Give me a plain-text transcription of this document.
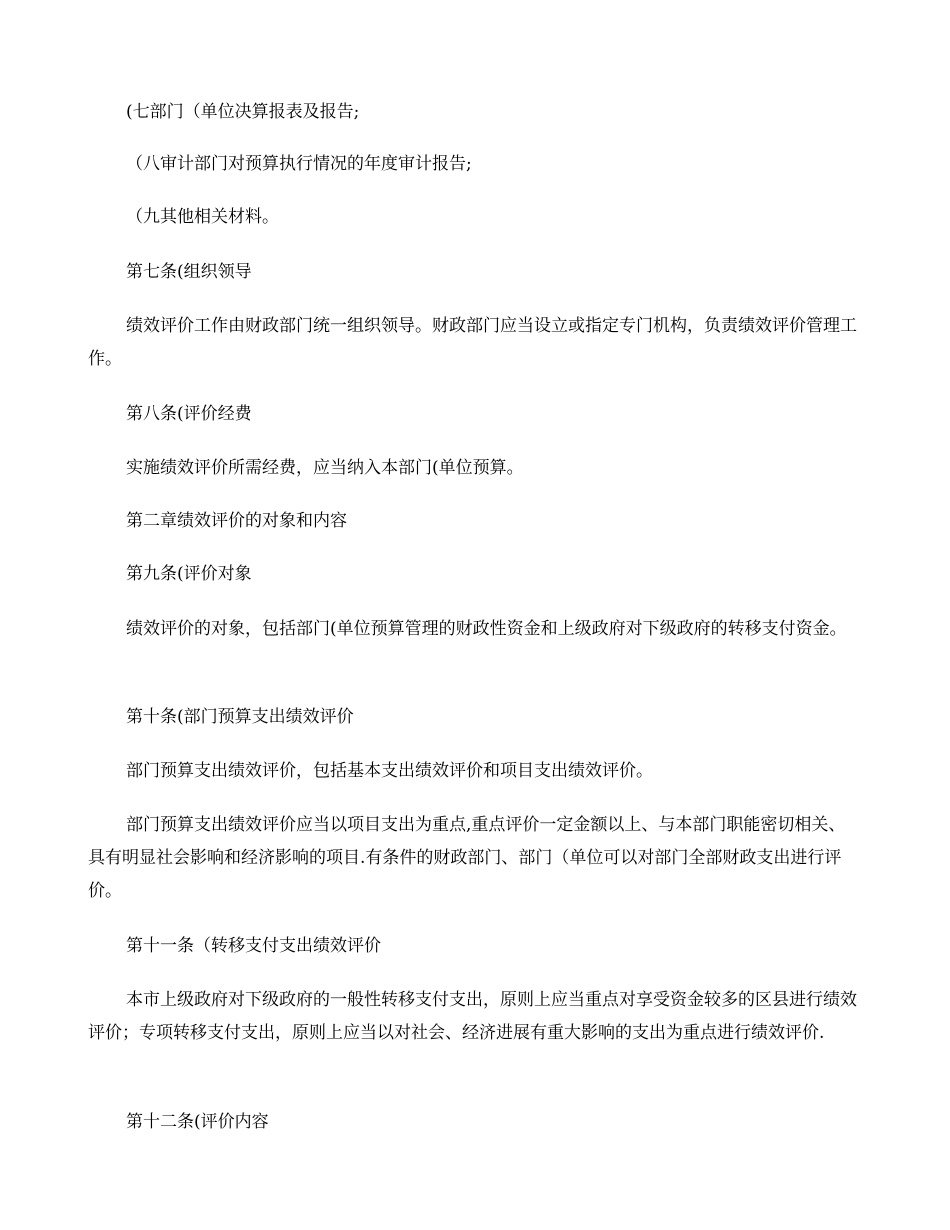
(七部门（单位决算报表及报告;

（八审计部门对预算执行情况的年度审计报告;

（九其他相关材料。

第七条(组织领导

绩效评价工作由财政部门统一组织领导。财政部门应当设立或指定专门机构，负责绩效评价管理工作。

第八条(评价经费

实施绩效评价所需经费，应当纳入本部门(单位预算。

第二章绩效评价的对象和内容

第九条(评价对象

绩效评价的对象，包括部门(单位预算管理的财政性资金和上级政府对下级政府的转移支付资金。

第十条(部门预算支出绩效评价

部门预算支出绩效评价，包括基本支出绩效评价和项目支出绩效评价。

部门预算支出绩效评价应当以项目支出为重点,重点评价一定金额以上、与本部门职能密切相关、具有明显社会影响和经济影响的项目.有条件的财政部门、部门（单位可以对部门全部财政支出进行评价。

第十一条（转移支付支出绩效评价

本市上级政府对下级政府的一般性转移支付支出，原则上应当重点对享受资金较多的区县进行绩效评价；专项转移支付支出，原则上应当以对社会、经济进展有重大影响的支出为重点进行绩效评价.

第十二条(评价内容
